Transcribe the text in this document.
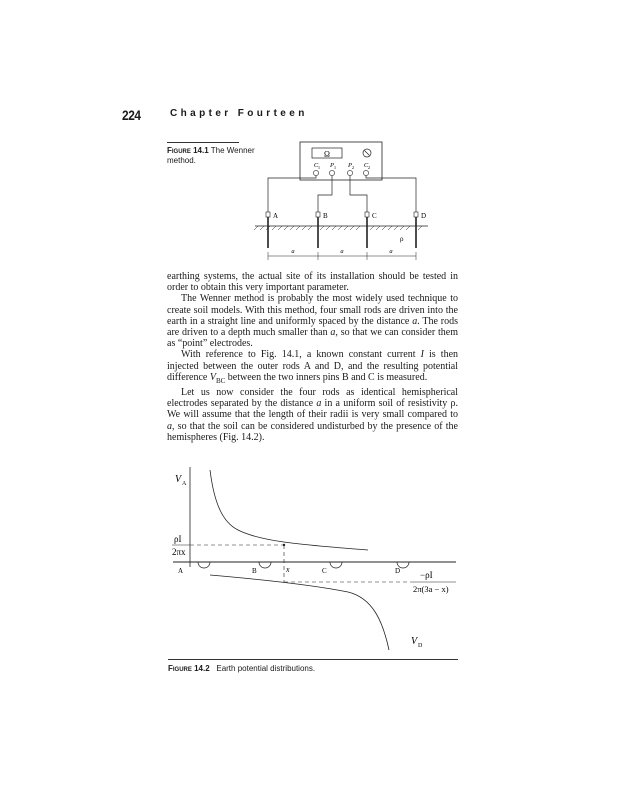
224	Chapter Fourteen
Figure 14.1 The Wenner method.
Ω
C 1 P 1 P 2 C 2
A	B	C	D
ρ
a	a	a

earthing systems, the actual site of its installation should be tested in order to obtain this very important parameter.

The Wenner method is probably the most widely used technique to create soil models. With this method, four small rods are driven into the earth in a straight line and uniformly spaced by the distance a. The rods are driven to a depth much smaller than a, so that we can consider them as “point” electrodes.

With reference to Fig. 14.1, a known constant current I is then injected between the outer rods A and D, and the resulting potential difference $V_{BC}$ between the two inners pins B and C is measured.

Let us now consider the four rods as identical hemispherical electrodes separated by the distance a in a uniform soil of resistivity ρ. We will assume that the length of their radii is very small compared to a, so that the soil can be considered undisturbed by the presence of the hemispheres (Fig. 14.2).

A	B	C	D
x
V A
ρI
2πx
−ρI
2π(3a − x)
V D
Figure 14.2 Earth potential distributions.
